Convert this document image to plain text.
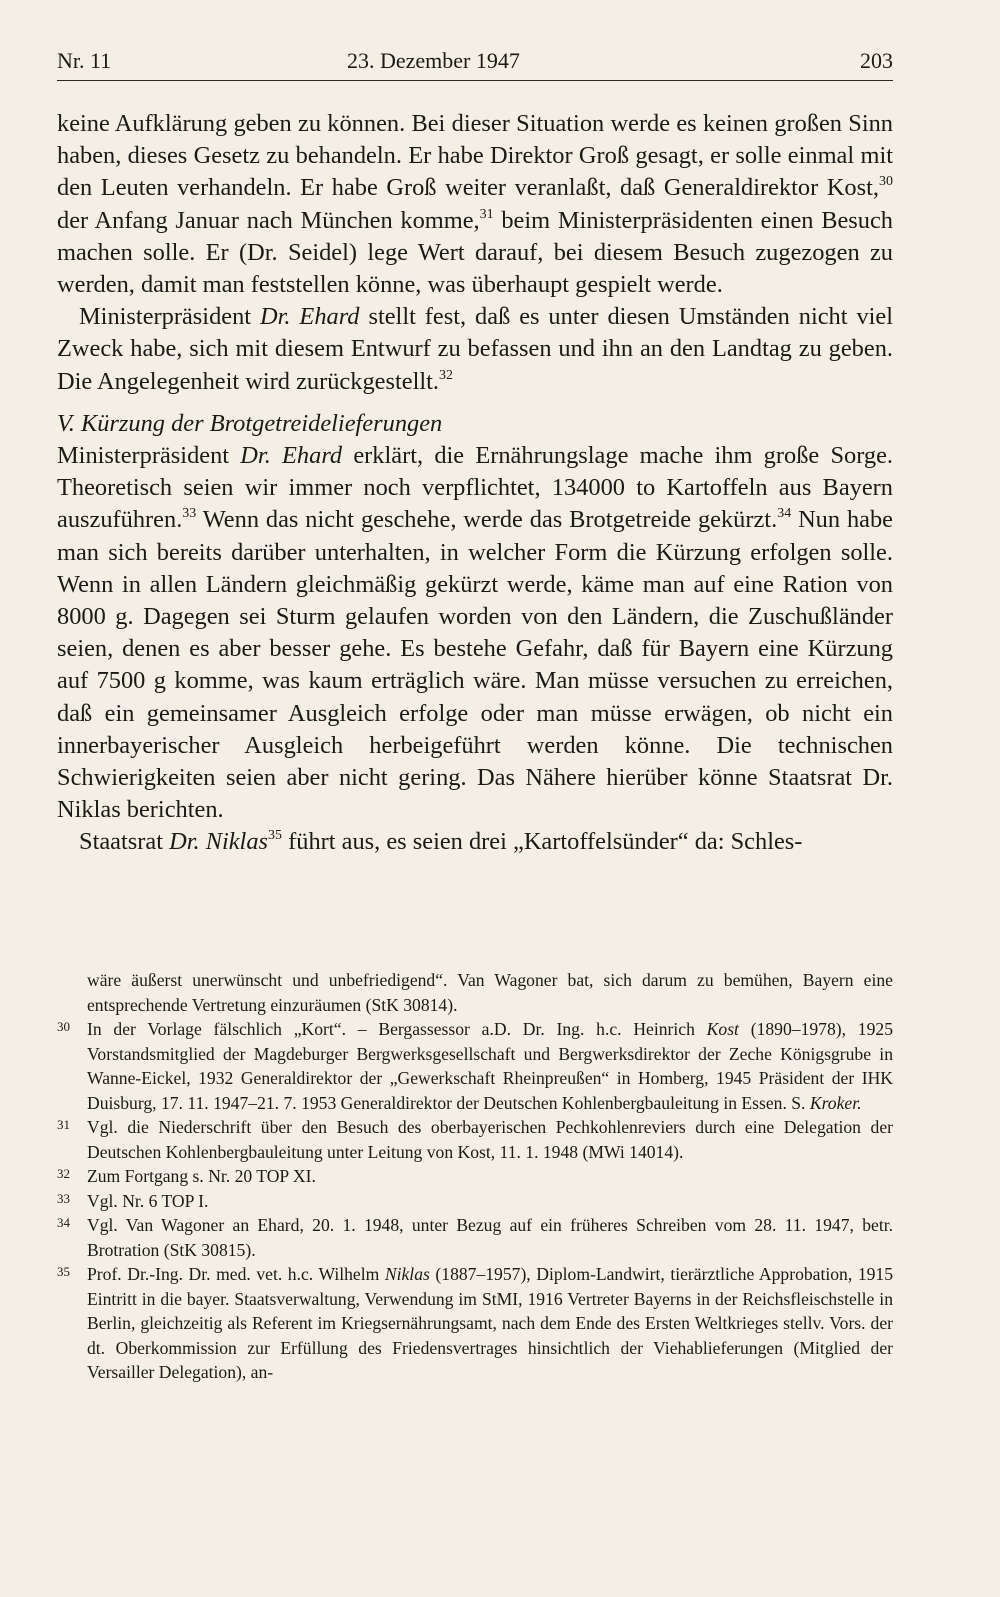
Nr. 11	23. Dezember 1947	203

keine Aufklärung geben zu können. Bei dieser Situation werde es keinen großen Sinn haben, dieses Gesetz zu behandeln. Er habe Direktor Groß gesagt, er solle einmal mit den Leuten verhandeln. Er habe Groß weiter veranlaßt, daß Generaldirektor Kost,$^{30}$ der Anfang Januar nach München komme,$^{31}$ beim Ministerpräsidenten einen Besuch machen solle. Er (Dr. Seidel) lege Wert darauf, bei diesem Besuch zugezogen zu werden, damit man feststellen könne, was überhaupt gespielt werde.

Ministerpräsident Dr. Ehard stellt fest, daß es unter diesen Umständen nicht viel Zweck habe, sich mit diesem Entwurf zu befassen und ihn an den Landtag zu geben. Die Angelegenheit wird zurückgestellt.$^{32}$

V. Kürzung der Brotgetreidelieferungen

Ministerpräsident Dr. Ehard erklärt, die Ernährungslage mache ihm große Sorge. Theoretisch seien wir immer noch verpflichtet, 134000 to Kartoffeln aus Bayern auszuführen.$^{33}$ Wenn das nicht geschehe, werde das Brotgetreide gekürzt.$^{34}$ Nun habe man sich bereits darüber unterhalten, in welcher Form die Kürzung erfolgen solle. Wenn in allen Ländern gleichmäßig gekürzt werde, käme man auf eine Ration von 8000 g. Dagegen sei Sturm gelaufen worden von den Ländern, die Zuschußländer seien, denen es aber besser gehe. Es bestehe Gefahr, daß für Bayern eine Kürzung auf 7500 g komme, was kaum erträglich wäre. Man müsse versuchen zu erreichen, daß ein gemeinsamer Ausgleich erfolge oder man müsse erwägen, ob nicht ein innerbayerischer Ausgleich herbeigeführt werden könne. Die technischen Schwierigkeiten seien aber nicht gering. Das Nähere hierüber könne Staatsrat Dr. Niklas berichten.

Staatsrat Dr. Niklas$^{35}$ führt aus, es seien drei „Kartoffelsünder“ da: Schles-

wäre äußerst unerwünscht und unbefriedigend“. Van Wagoner bat, sich darum zu bemühen, Bayern eine entsprechende Vertretung einzuräumen (StK 30814).

30 In der Vorlage fälschlich „Kort“. – Bergassessor a.D. Dr. Ing. h.c. Heinrich Kost (1890–1978), 1925 Vorstandsmitglied der Magdeburger Bergwerksgesellschaft und Bergwerksdirektor der Zeche Königsgrube in Wanne-Eickel, 1932 Generaldirektor der „Gewerkschaft Rheinpreußen“ in Homberg, 1945 Präsident der IHK Duisburg, 17. 11. 1947–21. 7. 1953 Generaldirektor der Deutschen Kohlenbergbauleitung in Essen. S. Kroker.

31 Vgl. die Niederschrift über den Besuch des oberbayerischen Pechkohlenreviers durch eine Delegation der Deutschen Kohlenbergbauleitung unter Leitung von Kost, 11. 1. 1948 (MWi 14014).

32 Zum Fortgang s. Nr. 20 TOP XI.

33 Vgl. Nr. 6 TOP I.

34 Vgl. Van Wagoner an Ehard, 20. 1. 1948, unter Bezug auf ein früheres Schreiben vom 28. 11. 1947, betr. Brotration (StK 30815).

35 Prof. Dr.-Ing. Dr. med. vet. h.c. Wilhelm Niklas (1887–1957), Diplom-Landwirt, tierärztliche Approbation, 1915 Eintritt in die bayer. Staatsverwaltung, Verwendung im StMI, 1916 Vertreter Bayerns in der Reichsfleischstelle in Berlin, gleichzeitig als Referent im Kriegsernährungsamt, nach dem Ende des Ersten Weltkrieges stellv. Vors. der dt. Oberkommission zur Erfüllung des Friedensvertrages hinsichtlich der Viehablieferungen (Mitglied der Versailler Delegation), an-
